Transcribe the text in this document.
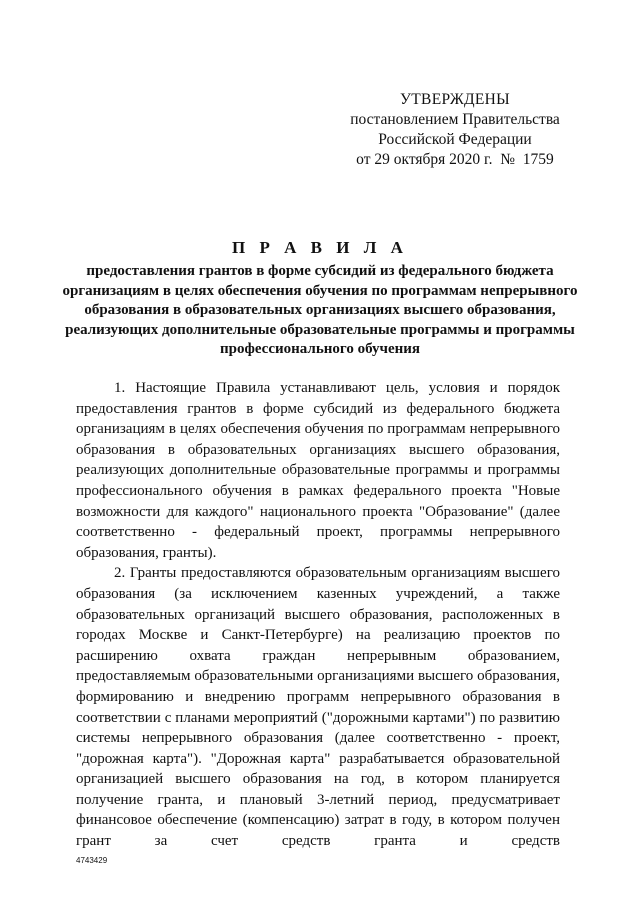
УТВЕРЖДЕНЫ
постановлением Правительства
Российской Федерации
от 29 октября 2020 г.  №  1759
П Р А В И Л А
предоставления грантов в форме субсидий из федерального бюджета организациям в целях обеспечения обучения по программам непрерывного образования в образовательных организациях высшего образования, реализующих дополнительные образовательные программы и программы профессионального обучения

1. Настоящие Правила устанавливают цель, условия и порядок предоставления грантов в форме субсидий из федерального бюджета организациям в целях обеспечения обучения по программам непрерывного образования в образовательных организациях высшего образования, реализующих дополнительные образовательные программы и программы профессионального обучения в рамках федерального проекта "Новые возможности для каждого" национального проекта "Образование" (далее соответственно - федеральный проект, программы непрерывного образования, гранты).

2. Гранты предоставляются образовательным организациям высшего образования (за исключением казенных учреждений, а также образовательных организаций высшего образования, расположенных в городах Москве и Санкт-Петербурге) на реализацию проектов по расширению охвата граждан непрерывным образованием, предоставляемым образовательными организациями высшего образования, формированию и внедрению программ непрерывного образования в соответствии с планами мероприятий ("дорожными картами") по развитию системы непрерывного образования (далее соответственно - проект, "дорожная карта"). "Дорожная карта" разрабатывается образовательной организацией высшего образования на год, в котором планируется получение гранта, и плановый 3-летний период, предусматривает финансовое обеспечение (компенсацию) затрат в году, в котором получен грант за счет средств гранта и средств

4743429
